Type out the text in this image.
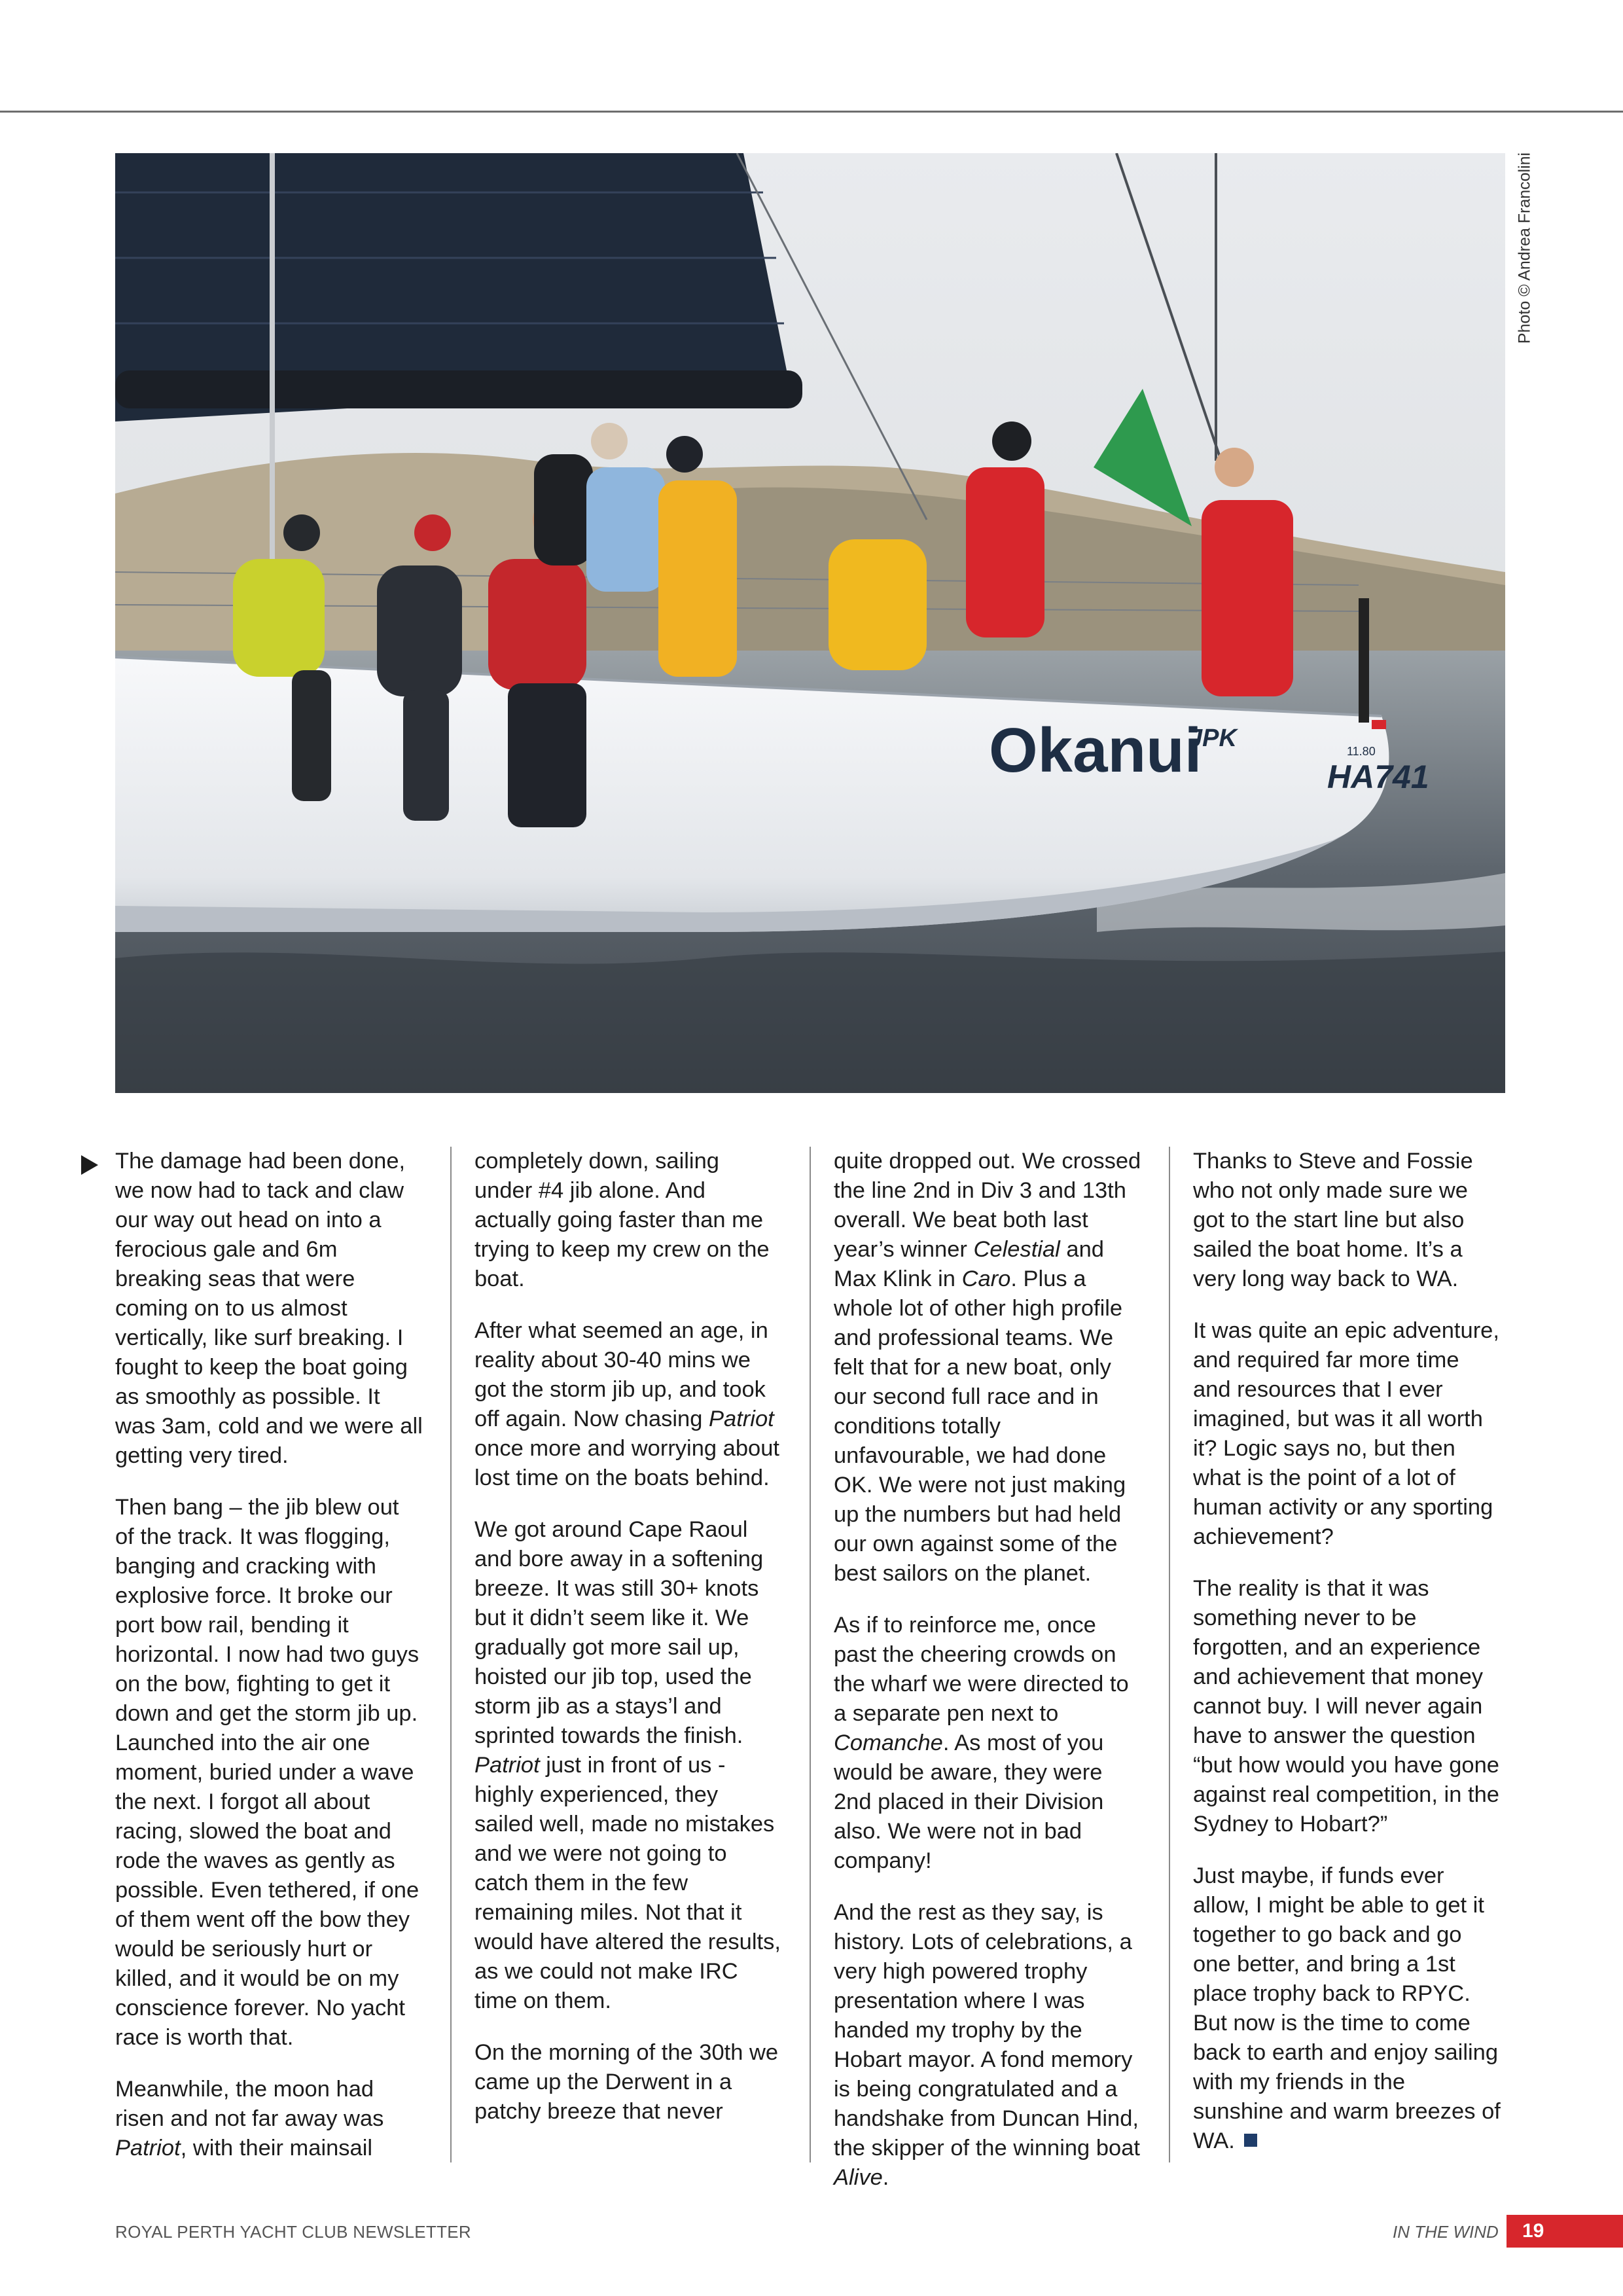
Okanui
JPK	11.80
HA741
Photo © Andrea Francolini

The damage had been done, we now had to tack and claw our way out head on into a ferocious gale and 6m breaking seas that were coming on to us almost vertically, like surf breaking. I fought to keep the boat going as smoothly as possible. It was 3am, cold and we were all getting very tired.

Then bang – the jib blew out of the track. It was flogging, banging and cracking with explosive force. It broke our port bow rail, bending it horizontal. I now had two guys on the bow, fighting to get it down and get the storm jib up. Launched into the air one moment, buried under a wave the next. I forgot all about racing, slowed the boat and rode the waves as gently as possible. Even tethered, if one of them went off the bow they would be seriously hurt or killed, and it would be on my conscience forever. No yacht race is worth that.

Meanwhile, the moon had risen and not far away was Patriot, with their mainsail

completely down, sailing under #4 jib alone. And actually going faster than me trying to keep my crew on the boat.

After what seemed an age, in reality about 30-40 mins we got the storm jib up, and took off again. Now chasing Patriot once more and worrying about lost time on the boats behind.

We got around Cape Raoul and bore away in a softening breeze. It was still 30+ knots but it didn’t seem like it. We gradually got more sail up, hoisted our jib top, used the storm jib as a stays’l and sprinted towards the finish. Patriot just in front of us - highly experienced, they sailed well, made no mistakes and we were not going to catch them in the few remaining miles. Not that it would have altered the results, as we could not make IRC time on them.

On the morning of the 30th we came up the Derwent in a patchy breeze that never

quite dropped out. We crossed the line 2nd in Div 3 and 13th overall. We beat both last year’s winner Celestial and Max Klink in Caro. Plus a whole lot of other high profile and professional teams. We felt that for a new boat, only our second full race and in conditions totally unfavourable, we had done OK. We were not just making up the numbers but had held our own against some of the best sailors on the planet.

As if to reinforce me, once past the cheering crowds on the wharf we were directed to a separate pen next to Comanche. As most of you would be aware, they were 2nd placed in their Division also. We were not in bad company!

And the rest as they say, is history. Lots of celebrations, a very high powered trophy presentation where I was handed my trophy by the Hobart mayor. A fond memory is being congratulated and a handshake from Duncan Hind, the skipper of the winning boat Alive.

Thanks to Steve and Fossie who not only made sure we got to the start line but also sailed the boat home. It’s a very long way back to WA.

It was quite an epic adventure, and required far more time and resources that I ever imagined, but was it all worth it? Logic says no, but then what is the point of a lot of human activity or any sporting achievement?

The reality is that it was something never to be forgotten, and an experience and achievement that money cannot buy. I will never again have to answer the question “but how would you have gone against real competition, in the Sydney to Hobart?”

Just maybe, if funds ever allow, I might be able to get it together to go back and go one better, and bring a 1st place trophy back to RPYC. But now is the time to come back to earth and enjoy sailing with my friends in the sunshine and warm breezes of WA.

ROYAL PERTH YACHT CLUB NEWSLETTER	IN THE WIND	19
